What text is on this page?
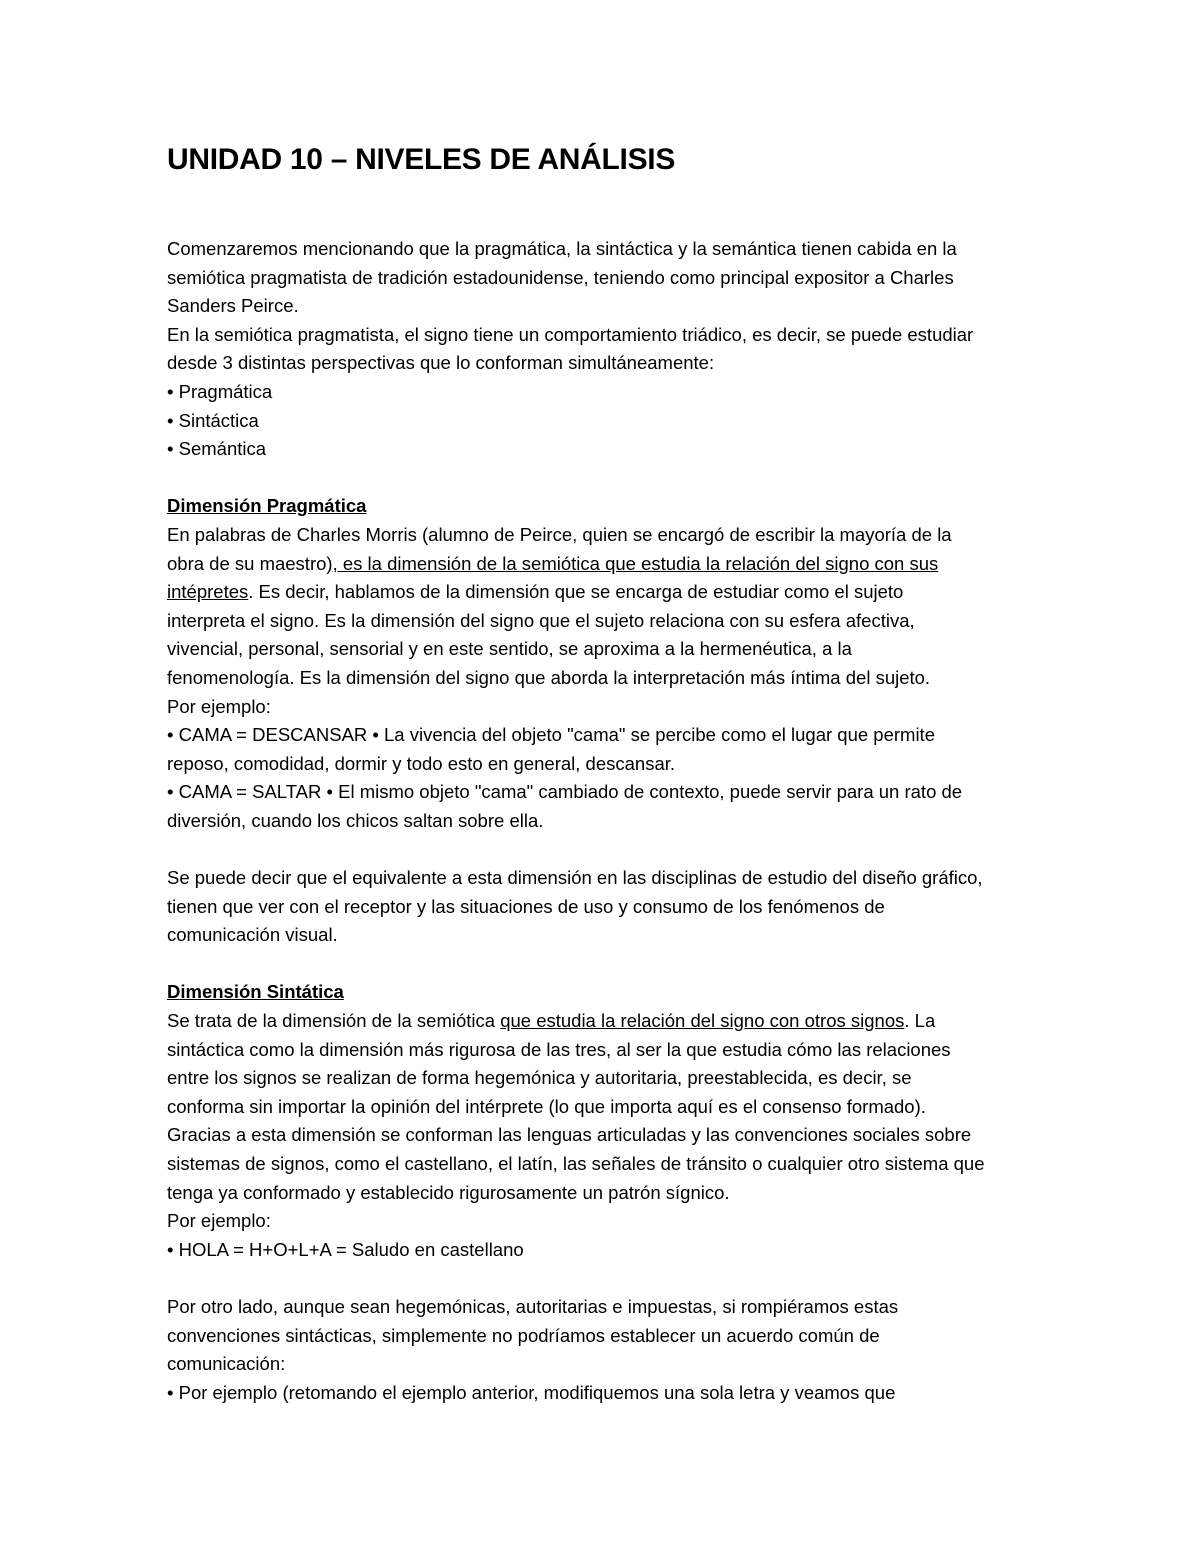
UNIDAD 10 – NIVELES DE ANÁLISIS
Comenzaremos mencionando que la pragmática, la sintáctica y la semántica tienen cabida en la
semiótica pragmatista de tradición estadounidense, teniendo como principal expositor a Charles
Sanders Peirce.
En la semiótica pragmatista, el signo tiene un comportamiento triádico, es decir, se puede estudiar
desde 3 distintas perspectivas que lo conforman simultáneamente:
• Pragmática
• Sintáctica
• Semántica
Dimensión Pragmática
En palabras de Charles Morris (alumno de Peirce, quien se encargó de escribir la mayoría de la
obra de su maestro), es la dimensión de la semiótica que estudia la relación del signo con sus
intépretes. Es decir, hablamos de la dimensión que se encarga de estudiar como el sujeto
interpreta el signo. Es la dimensión del signo que el sujeto relaciona con su esfera afectiva,
vivencial, personal, sensorial y en este sentido, se aproxima a la hermenéutica, a la
fenomenología. Es la dimensión del signo que aborda la interpretación más íntima del sujeto.
Por ejemplo:
• CAMA = DESCANSAR • La vivencia del objeto "cama" se percibe como el lugar que permite
reposo, comodidad, dormir y todo esto en general, descansar.
• CAMA = SALTAR • El mismo objeto "cama" cambiado de contexto, puede servir para un rato de
diversión, cuando los chicos saltan sobre ella.
Se puede decir que el equivalente a esta dimensión en las disciplinas de estudio del diseño gráfico,
tienen que ver con el receptor y las situaciones de uso y consumo de los fenómenos de
comunicación visual.
Dimensión Sintática
Se trata de la dimensión de la semiótica que estudia la relación del signo con otros signos. La
sintáctica como la dimensión más rigurosa de las tres, al ser la que estudia cómo las relaciones
entre los signos se realizan de forma hegemónica y autoritaria, preestablecida, es decir, se
conforma sin importar la opinión del intérprete (lo que importa aquí es el consenso formado).
Gracias a esta dimensión se conforman las lenguas articuladas y las convenciones sociales sobre
sistemas de signos, como el castellano, el latín, las señales de tránsito o cualquier otro sistema que
tenga ya conformado y establecido rigurosamente un patrón sígnico.
Por ejemplo:
• HOLA = H+O+L+A = Saludo en castellano
Por otro lado, aunque sean hegemónicas, autoritarias e impuestas, si rompiéramos estas
convenciones sintácticas, simplemente no podríamos establecer un acuerdo común de
comunicación:
• Por ejemplo (retomando el ejemplo anterior, modifiquemos una sola letra y veamos que
